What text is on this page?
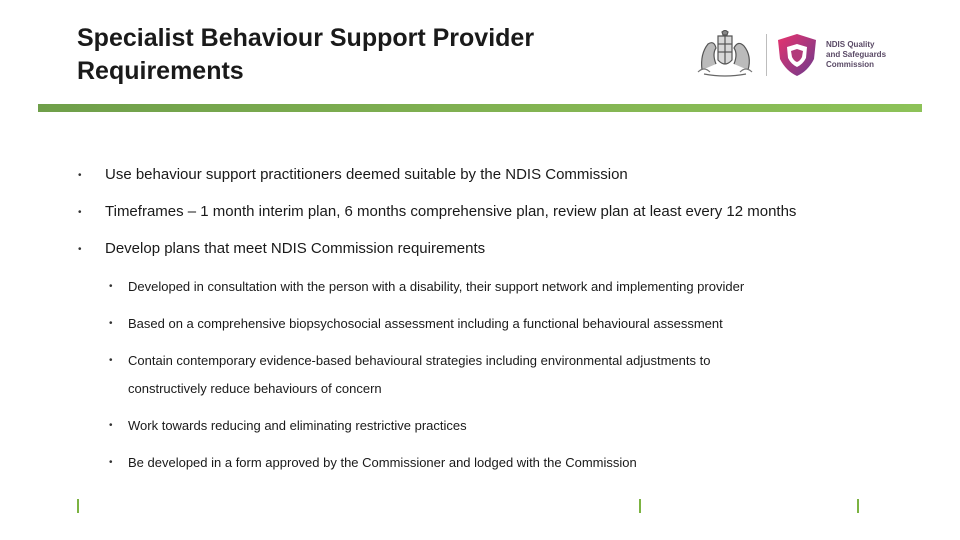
Specialist Behaviour Support Provider
Requirements
NDIS Quality
and Safeguards
Commission
• Use behaviour support practitioners deemed suitable by the NDIS Commission
• Timeframes – 1 month interim plan, 6 months comprehensive plan, review plan at least every 12 months
• Develop plans that meet NDIS Commission requirements
• Developed in consultation with the person with a disability, their support network and implementing provider
• Based on a comprehensive biopsychosocial assessment including a functional behavioural assessment
• Contain contemporary evidence-based behavioural strategies including environmental adjustments to
constructively reduce behaviours of concern
• Work towards reducing and eliminating restrictive practices
• Be developed in a form approved by the Commissioner and lodged with the Commission
